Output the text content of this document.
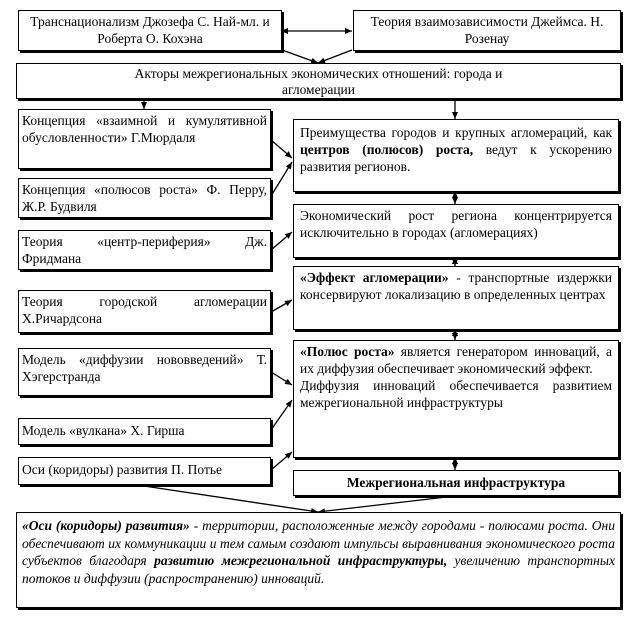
Транснационализм Джозефа С. Най-мл. и Роберта О. Кохэна
Теория взаимозависимости Джеймса. Н. Розенау
Акторы межрегиональных экономических отношений: города и агломерации
Концепция «взаимной и кумулятивной обусловленности» Г.Мюрдаля
Концепция «полюсов роста» Ф. Перру, Ж.Р. Будвиля
Теория «центр-периферия» Дж. Фридмана
Теория городской агломерации Х.Ричардсона
Модель «диффузии нововведений» Т. Хэгерстранда
Модель «вулкана» Х. Гирша
Оси (коридоры) развития П. Потье
Преимущества городов и крупных агломераций, как центров (полюсов) роста, ведут к ускорению развития регионов.
Экономический рост региона концентрируется исключительно в городах (агломерациях)
«Эффект агломерации» - транспортные издержки консервируют локализацию в определенных центрах

«Полюс роста» является генератором инноваций, а их диффузия обеспечивает экономический эффект.

Диффузия инноваций обеспечивается развитием межрегиональной инфраструктуры

Межрегиональная инфраструктура
«Оси (коридоры) развития» - территории, расположенные между городами - полюсами роста. Они обеспечивают их коммуникации и тем самым создают импульсы выравнивания экономического роста субъектов благодаря развитию межрегиональной инфраструктуры, увеличению транспортных потоков и диффузии (распространению) инноваций.
